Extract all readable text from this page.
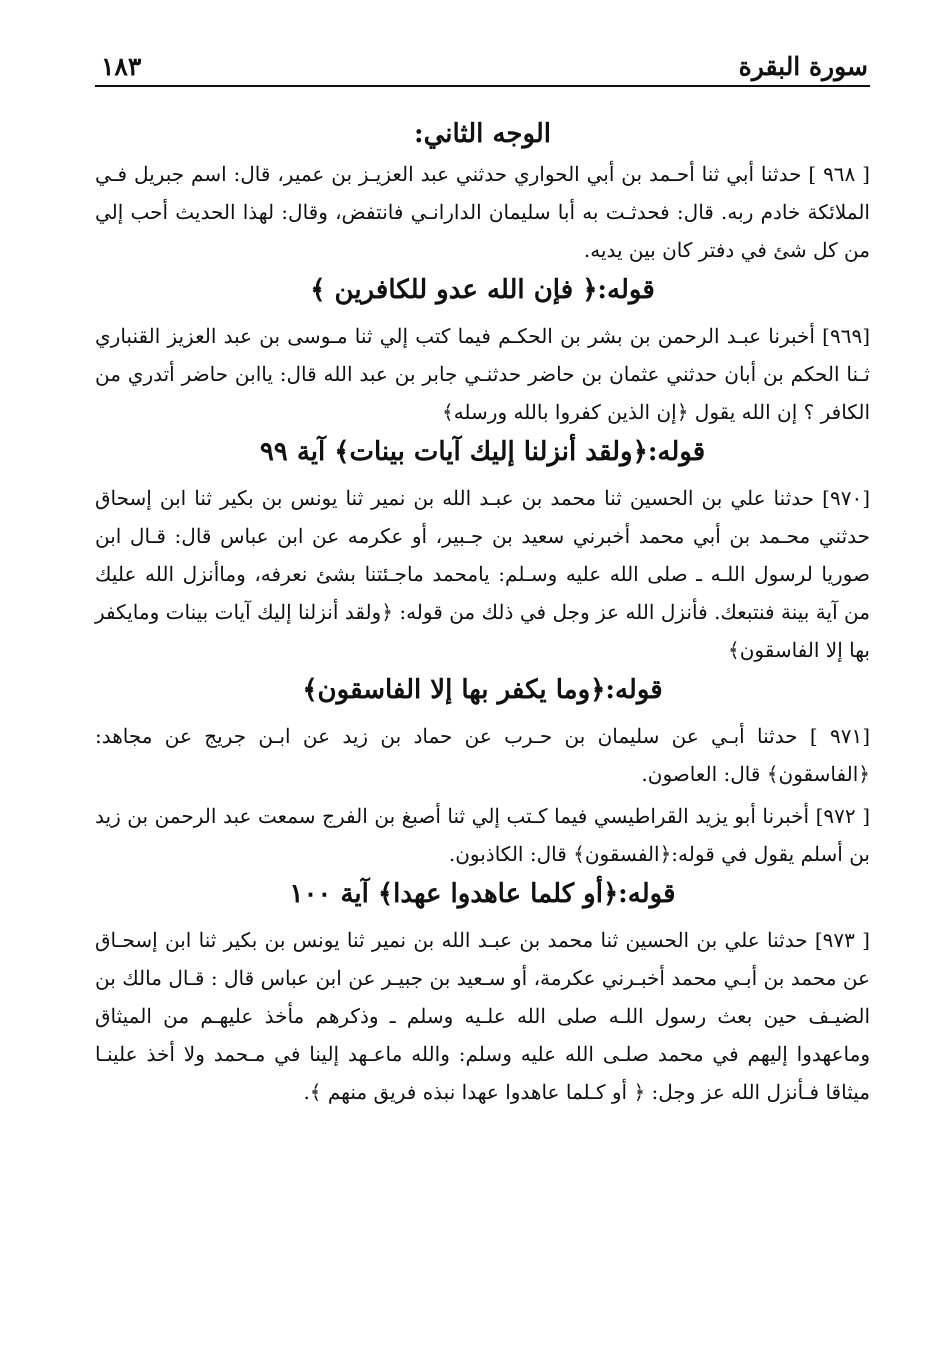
سورة البقرة
١٨٣
الوجه الثاني:

[ ٩٦٨ ] حدثنا أبي ثنا أحـمد بن أبي الحواري حدثني عبد العزيـز بن عمير، قال: اسم جبريل فـي الملائكة خادم ربه. قال: فحدثـت به أبا سليمان الدارانـي فانتفض، وقال: لهذا الحديث أحب إلي من كل شئ في دفتر كان بين يديه.

قوله:﴿ فإن الله عدو للكافرين ﴾

[٩٦٩] أخبرنا عبـد الرحمن بن بشر بن الحكـم فيما كتب إلي ثنا مـوسى بن عبد العزيز القنباري ثـنا الحكم بن أبان حدثني عثمان بن حاضر حدثنـي جابر بن عبد الله قال: ياابن حاضر أتدري من الكافر ؟ إن الله يقول ﴿إن الذين كفروا بالله ورسله﴾

قوله:﴿ولقد أنزلنا إليك آيات بينات﴾ آية ٩٩

[٩٧٠] حدثنا علي بن الحسين ثنا محمد بن عبـد الله بن نمير ثنا يونس بن بكير ثنا ابن إسحاق حدثني محـمد بن أبي محمد أخبرني سعيد بن جـبير، أو عكرمه عن ابن عباس قال: قـال ابن صوريا لرسول اللـه ـ صلى الله عليه وسـلم: يامحمد ماجـئتنا بشئ نعرفه، وماأنزل الله عليك من آية بينة فنتبعك. فأنزل الله عز وجل في ذلك من قوله: ﴿ولقد أنزلنا إليك آيات بينات ومايكفر بها إلا الفاسقون﴾

قوله:﴿وما يكفر بها إلا الفاسقون﴾

[٩٧١ ] حدثنا أبـي عن سليمان بن حـرب عن حماد بن زيد عن ابـن جريج عن مجاهد: ﴿الفاسقون﴾ قال: العاصون.

[ ٩٧٢] أخبرنا أبو يزيد القراطيسي فيما كـتب إلي ثنا أصبغ بن الفرج سمعت عبد الرحمن بن زيد بن أسلم يقول في قوله:﴿الفسقون﴾ قال: الكاذبون.

قوله:﴿أو كلما عاهدوا عهدا﴾ آية ١٠٠

[ ٩٧٣] حدثنا علي بن الحسين ثنا محمد بن عبـد الله بن نمير ثنا يونس بن بكير ثنا ابن إسحـاق عن محمد بن أبـي محمد أخبـرني عكرمة، أو سـعيد بن جبيـر عن ابن عباس قال : قـال مالك بن الضيـف حين بعث رسول اللـه صلى الله علـيه وسلم ـ وذكرهم مأخذ عليهـم من الميثاق وماعهدوا إليهم في محمد صلـى الله عليه وسلم: والله ماعـهد إلينا في مـحمد ولا أخذ علينـا ميثاقا فـأنزل الله عز وجل: ﴿ أو كـلما عاهدوا عهدا نبذه فريق منهم ﴾.
